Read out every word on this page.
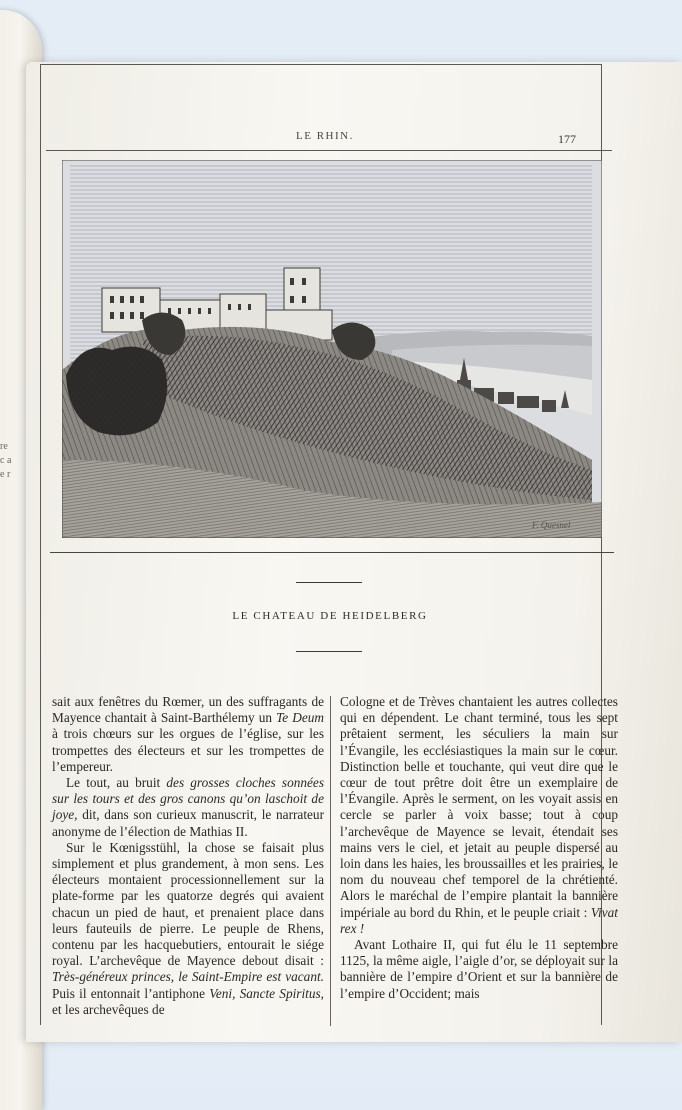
re c a e r
LE RHIN.	177
F. Quesnel
LE CHATEAU DE HEIDELBERG

sait aux fenêtres du Rœmer, un des suffragants de Mayence chantait à Saint-Barthélemy un Te Deum à trois chœurs sur les orgues de l’église, sur les trompettes des électeurs et sur les trompettes de l’empereur.

Le tout, au bruit des grosses cloches sonnées sur les tours et des gros canons qu’on laschoit de joye, dit, dans son curieux manuscrit, le narrateur anonyme de l’élection de Mathias II.

Sur le Kœnigsstühl, la chose se faisait plus simplement et plus grandement, à mon sens. Les électeurs montaient processionnellement sur la plate-forme par les quatorze degrés qui avaient chacun un pied de haut, et prenaient place dans leurs fauteuils de pierre. Le peuple de Rhens, contenu par les hacquebutiers, entourait le siége royal. L’archevêque de Mayence debout disait : Très-généreux princes, le Saint-Empire est vacant. Puis il entonnait l’antiphone Veni, Sancte Spiritus, et les archevêques de

Cologne et de Trèves chantaient les autres collectes qui en dépendent. Le chant terminé, tous les sept prêtaient serment, les séculiers la main sur l’Évangile, les ecclésiastiques la main sur le cœur. Distinction belle et touchante, qui veut dire que le cœur de tout prêtre doit être un exemplaire de l’Évangile. Après le serment, on les voyait assis en cercle se parler à voix basse; tout à coup l’archevêque de Mayence se levait, étendait ses mains vers le ciel, et jetait au peuple dispersé au loin dans les haies, les broussailles et les prairies, le nom du nouveau chef temporel de la chrétienté. Alors le maréchal de l’empire plantait la bannière impériale au bord du Rhin, et le peuple criait : Vivat rex !

Avant Lothaire II, qui fut élu le 11 septembre 1125, la même aigle, l’aigle d’or, se déployait sur la bannière de l’empire d’Orient et sur la bannière de l’empire d’Occident; mais
